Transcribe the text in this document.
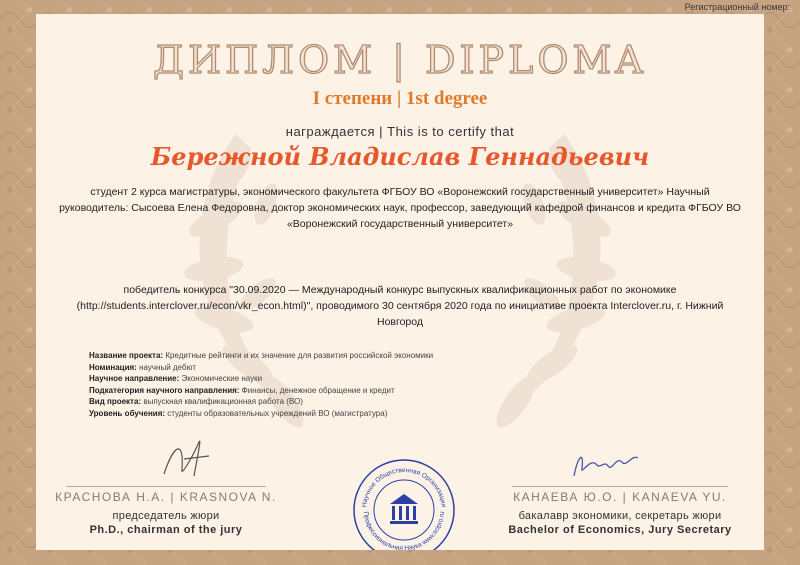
ДИПЛОМ | DIPLOMA
I степени | 1st degree
награждается | This is to certify that
Бережной Владислав Геннадьевич
студент 2 курса магистратуры, экономического факультета ФГБОУ ВО «Воронежский государственный университет» Научный руководитель: Сысоева Елена Федоровна, доктор экономических наук, профессор, заведующий кафедрой финансов и кредита ФГБОУ ВО «Воронежский государственный университет»
победитель конкурса "30.09.2020 — Международный конкурс выпускных квалификационных работ по экономике (http://students.interclover.ru/econ/vkr_econ.html)", проводимого 30 сентября 2020 года по инициативе проекта Interclover.ru, г. Нижний Новгород
Название проекта: Кредитные рейтинги и их значение для развития российской экономики
Номинация: научный дебют
Научное направление: Экономические науки
Подкатегория научного направления: Финансы, денежное обращение и кредит
Вид проекта: выпускная квалификационная работа (ВО)
Уровень обучения: студенты образовательных учреждений ВО (магистратура)
КРАСНОВА Н.А. | KRASNOVA N.
председатель жюри
Ph.D., chairman of the jury
Научное Общественная Организация
Профессиональная Наука www.scipro.ru
КАНАЕВА Ю.О. | KANAEVA YU.
бакалавр экономики, секретарь жюри
Bachelor of Economics, Jury Secretary
Регистрационный номер:
